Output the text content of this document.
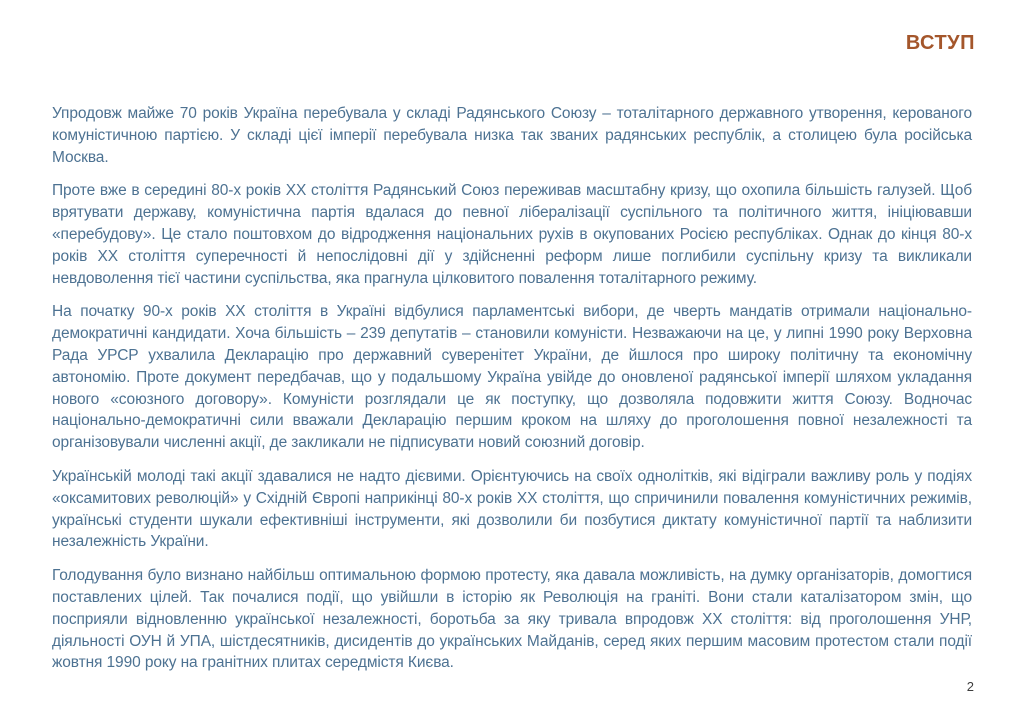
ВСТУП

Упродовж майже 70 років Україна перебувала у складі Радянського Союзу – тоталітарного державного утворення, керованого комуністичною партією. У складі цієї імперії перебувала низка так званих радянських республік, а столицею була російська Москва.

Проте вже в середині 80-х років ХХ століття Радянський Союз переживав масштабну кризу, що охопила більшість галузей. Щоб врятувати державу, комуністична партія вдалася до певної лібералізації суспільного та політичного життя, ініціювавши «перебудову». Це стало поштовхом до відродження національних рухів в окупованих Росією республіках. Однак до кінця 80-х років ХХ століття суперечності й непослідовні дії у здійсненні реформ лише поглибили суспільну кризу та викликали невдоволення тієї частини суспільства, яка прагнула цілковитого повалення тоталітарного режиму.

На початку 90-х років ХХ століття в Україні відбулися парламентські вибори, де чверть мандатів отримали національно-демократичні кандидати. Хоча більшість – 239 депутатів – становили комуністи. Незважаючи на це, у липні 1990 року Верховна Рада УРСР ухвалила Декларацію про державний суверенітет України, де йшлося про широку політичну та економічну автономію. Проте документ передбачав, що у подальшому Україна увійде до оновленої радянської імперії шляхом укладання нового «союзного договору». Комуністи розглядали це як поступку, що дозволяла подовжити життя Союзу. Водночас національно-демократичні сили вважали Декларацію першим кроком на шляху до проголошення повної незалежності та організовували численні акції, де закликали не підписувати новий союзний договір.

Українській молоді такі акції здавалися не надто дієвими. Орієнтуючись на своїх однолітків, які відіграли важливу роль у подіях «оксамитових революцій» у Східній Європі наприкінці 80-х років ХХ століття, що спричинили повалення комуністичних режимів, українські студенти шукали ефективніші інструменти, які дозволили би позбутися диктату комуністичної партії та наблизити незалежність України.

Голодування було визнано найбільш оптимальною формою протесту, яка давала можливість, на думку організаторів, домогтися поставлених цілей. Так почалися події, що увійшли в історію як Революція на граніті. Вони стали каталізатором змін, що посприяли відновленню української незалежності, боротьба за яку тривала впродовж ХХ століття: від проголошення УНР, діяльності ОУН й УПА, шістдесятників, дисидентів до українських Майданів, серед яких першим масовим протестом стали події жовтня 1990 року на гранітних плитах середмістя Києва.

2
